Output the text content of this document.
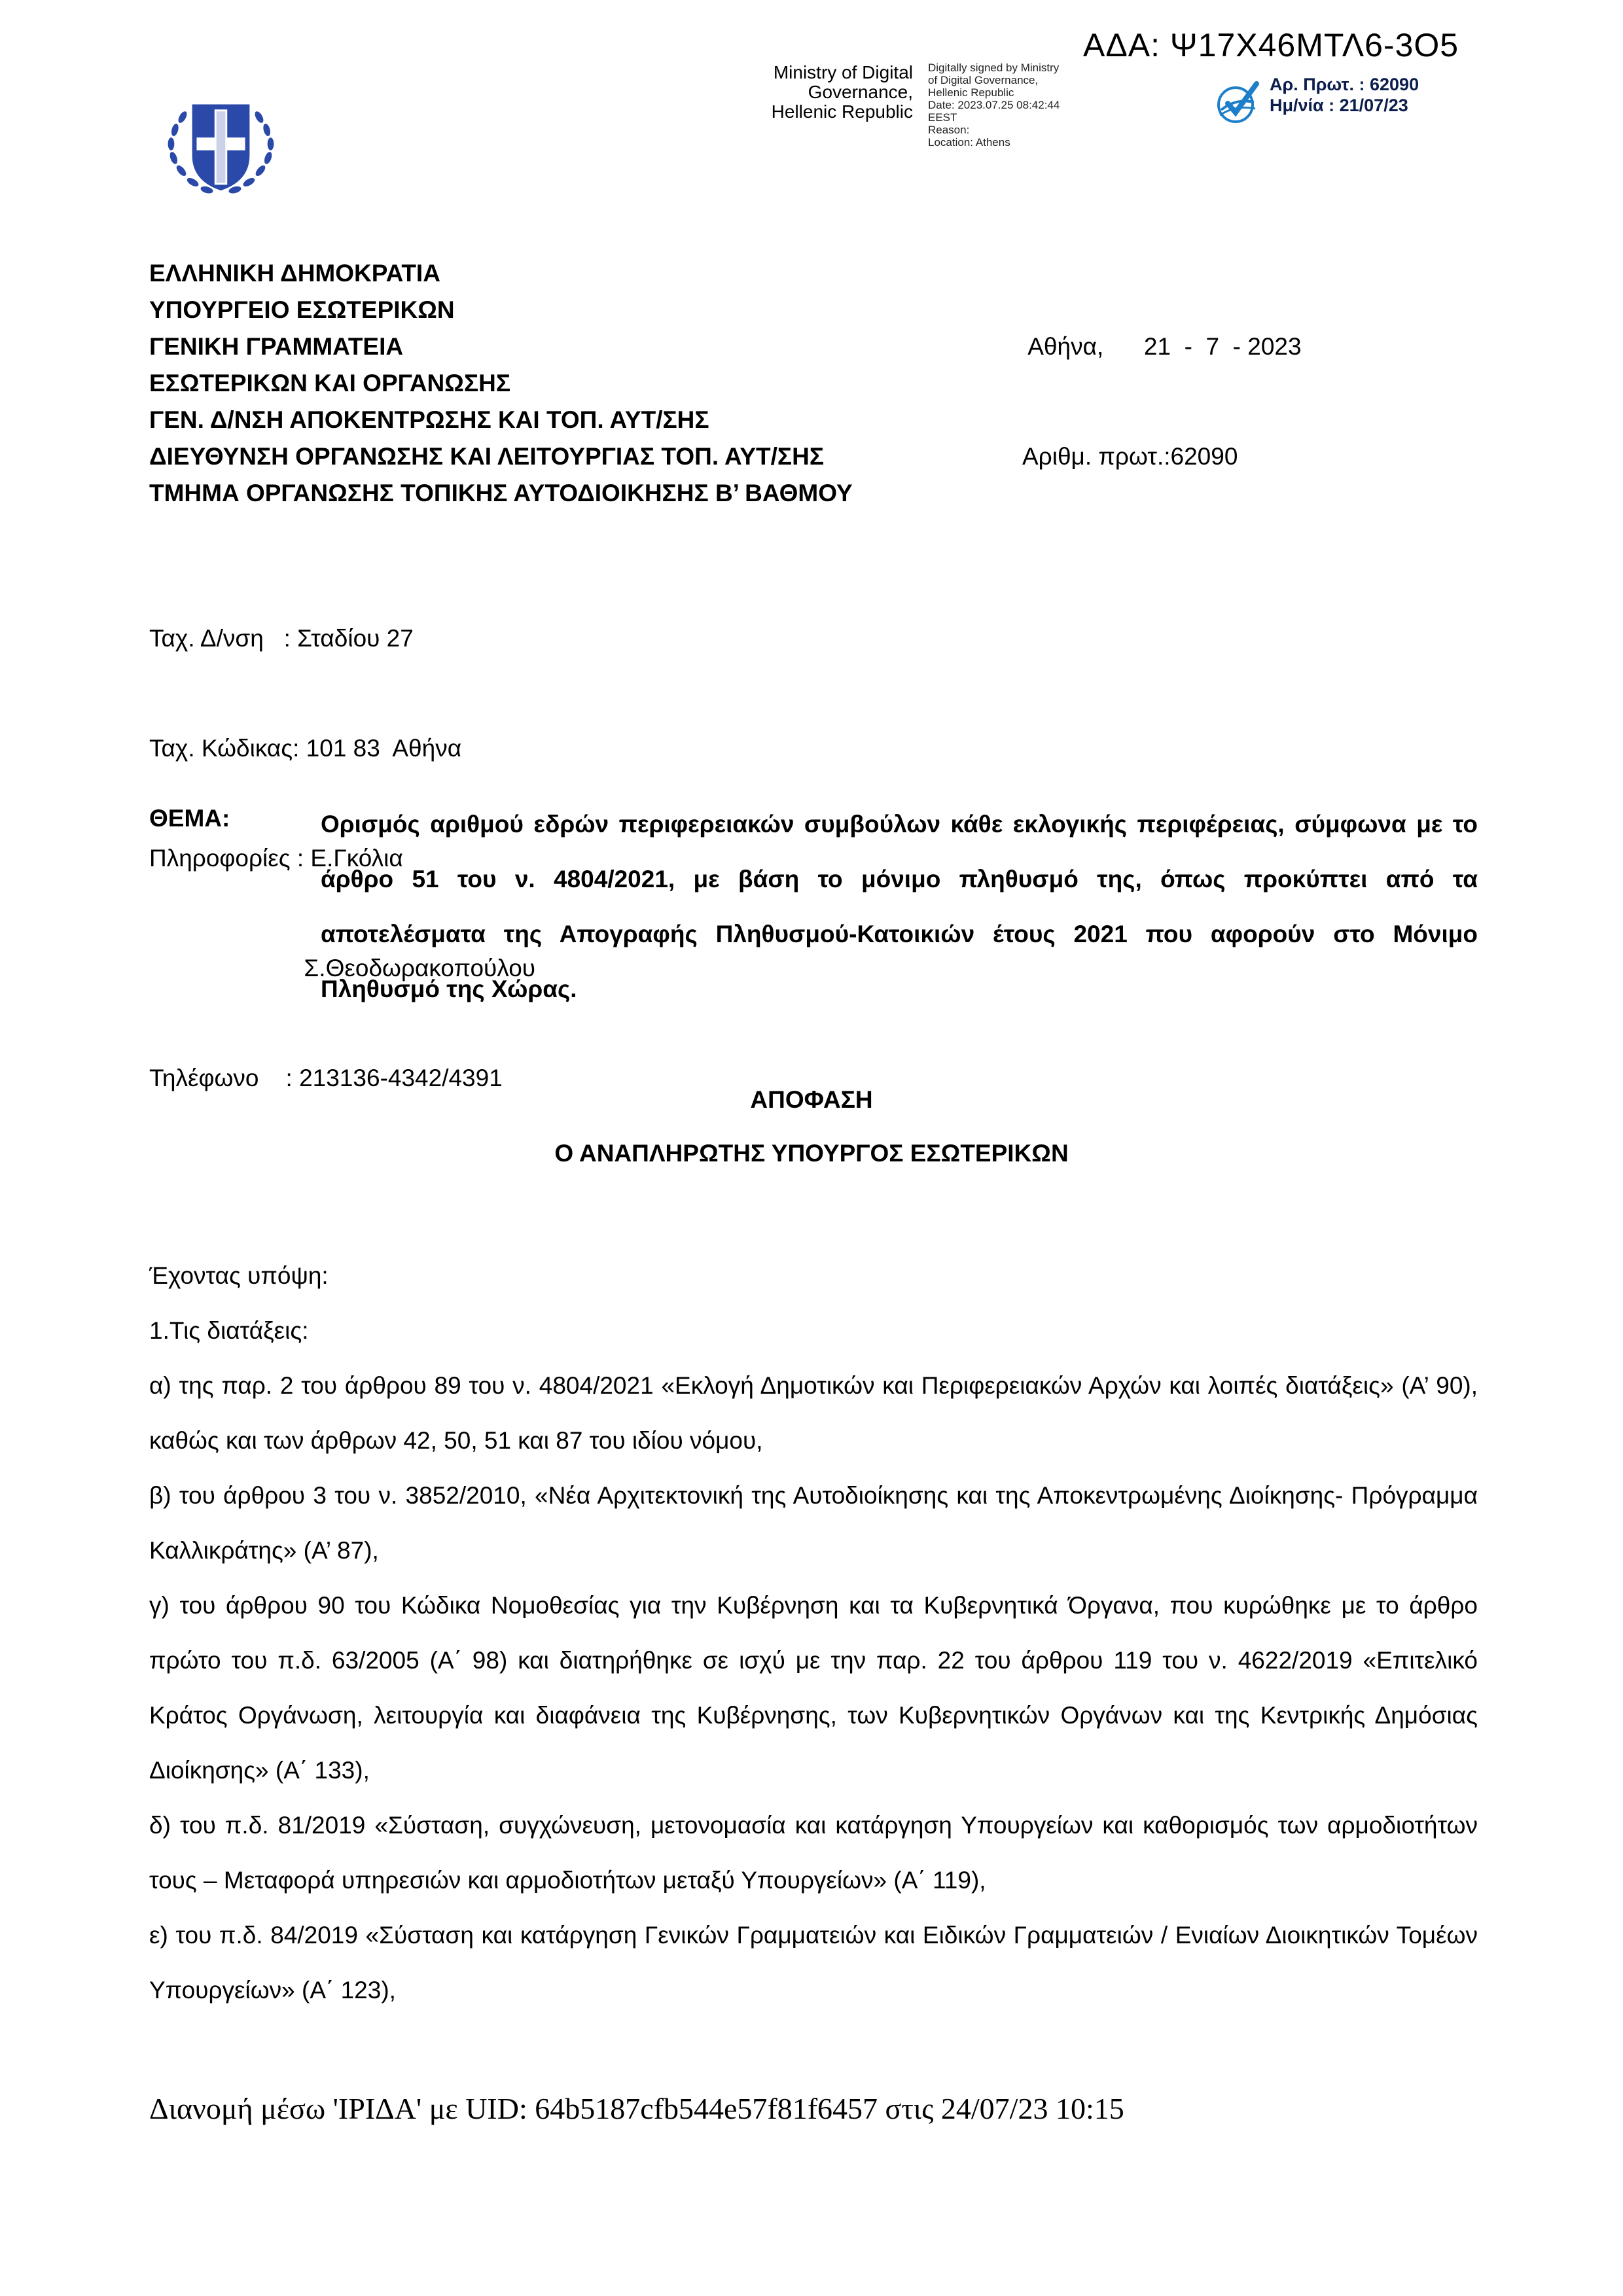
ΑΔΑ: Ψ17Χ46ΜΤΛ6-3Ο5
Ministry of Digital
Governance,
Hellenic Republic
Digitally signed by Ministry
of Digital Governance,
Hellenic Republic
Date: 2023.07.25 08:42:44
EEST
Reason:
Location: Athens
Αρ. Πρωτ. : 62090
Ημ/νία : 21/07/23
ΕΛΛΗΝΙΚΗ ΔΗΜΟΚΡΑΤΙΑ
ΥΠΟΥΡΓΕΙΟ ΕΣΩΤΕΡΙΚΩΝ
ΓΕΝΙΚΗ ΓΡΑΜΜΑΤΕΙΑ
ΕΣΩΤΕΡΙΚΩΝ ΚΑΙ ΟΡΓΑΝΩΣΗΣ
ΓΕΝ. Δ/ΝΣΗ ΑΠΟΚΕΝΤΡΩΣΗΣ ΚΑΙ ΤΟΠ. ΑΥΤ/ΣΗΣ
ΔΙΕΥΘΥΝΣΗ ΟΡΓΑΝΩΣΗΣ ΚΑΙ ΛΕΙΤΟΥΡΓΙΑΣ ΤΟΠ. ΑΥΤ/ΣΗΣ
ΤΜΗΜΑ ΟΡΓΑΝΩΣΗΣ ΤΟΠΙΚΗΣ ΑΥΤΟΔΙΟΙΚΗΣΗΣ Β’ ΒΑΘΜΟΥ

Αθήνα,      21  -  7  - 2023

Αριθμ. πρωτ.:62090

Ταχ. Δ/νση   : Σταδίου 27

Ταχ. Κώδικας: 101 83  Αθήνα

Πληροφορίες : Ε.Γκόλια

Σ.Θεοδωρακοπούλου

Τηλέφωνο    : 213136-4342/4391

ΘΕΜΑ:	Ορισμός αριθμού εδρών περιφερειακών συμβούλων κάθε εκλογικής περιφέρειας, σύμφωνα με το άρθρο 51 του ν. 4804/2021, με βάση το μόνιμο πληθυσμό της, όπως προκύπτει από τα αποτελέσματα της Απογραφής Πληθυσμού-Κατοικιών έτους 2021 που αφορούν στο Μόνιμο Πληθυσμό της Χώρας.
ΑΠΟΦΑΣΗ
Ο ΑΝΑΠΛΗΡΩΤΗΣ ΥΠΟΥΡΓΟΣ ΕΣΩΤΕΡΙΚΩΝ

Έχοντας υπόψη:

1.Τις διατάξεις:

α) της παρ. 2 του άρθρου 89 του ν. 4804/2021 «Εκλογή Δημοτικών και Περιφερειακών Αρχών και λοιπές διατάξεις» (Α’ 90), καθώς και των άρθρων 42, 50, 51 και 87 του ιδίου νόμου,

β) του άρθρου 3 του ν. 3852/2010, «Νέα Αρχιτεκτονική της Αυτοδιοίκησης και της Αποκεντρωμένης Διοίκησης- Πρόγραμμα Καλλικράτης» (Α’ 87),

γ) του άρθρου 90 του Κώδικα Νομοθεσίας για την Κυβέρνηση και τα Κυβερνητικά Όργανα, που κυρώθηκε με το άρθρο πρώτο του π.δ. 63/2005 (Α΄ 98) και διατηρήθηκε σε ισχύ με την παρ. 22 του άρθρου 119 του ν. 4622/2019 «Επιτελικό Κράτος Οργάνωση, λειτουργία και διαφάνεια της Κυβέρνησης, των Κυβερνητικών Οργάνων και της Κεντρικής Δημόσιας Διοίκησης» (Α΄ 133),

δ) του π.δ. 81/2019 «Σύσταση, συγχώνευση, μετονομασία και κατάργηση Υπουργείων και καθορισμός των αρμοδιοτήτων τους – Μεταφορά υπηρεσιών και αρμοδιοτήτων μεταξύ Υπουργείων» (Α΄ 119),

ε) του π.δ. 84/2019 «Σύσταση και κατάργηση Γενικών Γραμματειών και Ειδικών Γραμματειών / Ενιαίων Διοικητικών Τομέων Υπουργείων» (Α΄ 123),

Διανομή μέσω 'ΙΡΙΔΑ' με UID: 64b5187cfb544e57f81f6457 στις 24/07/23 10:15
